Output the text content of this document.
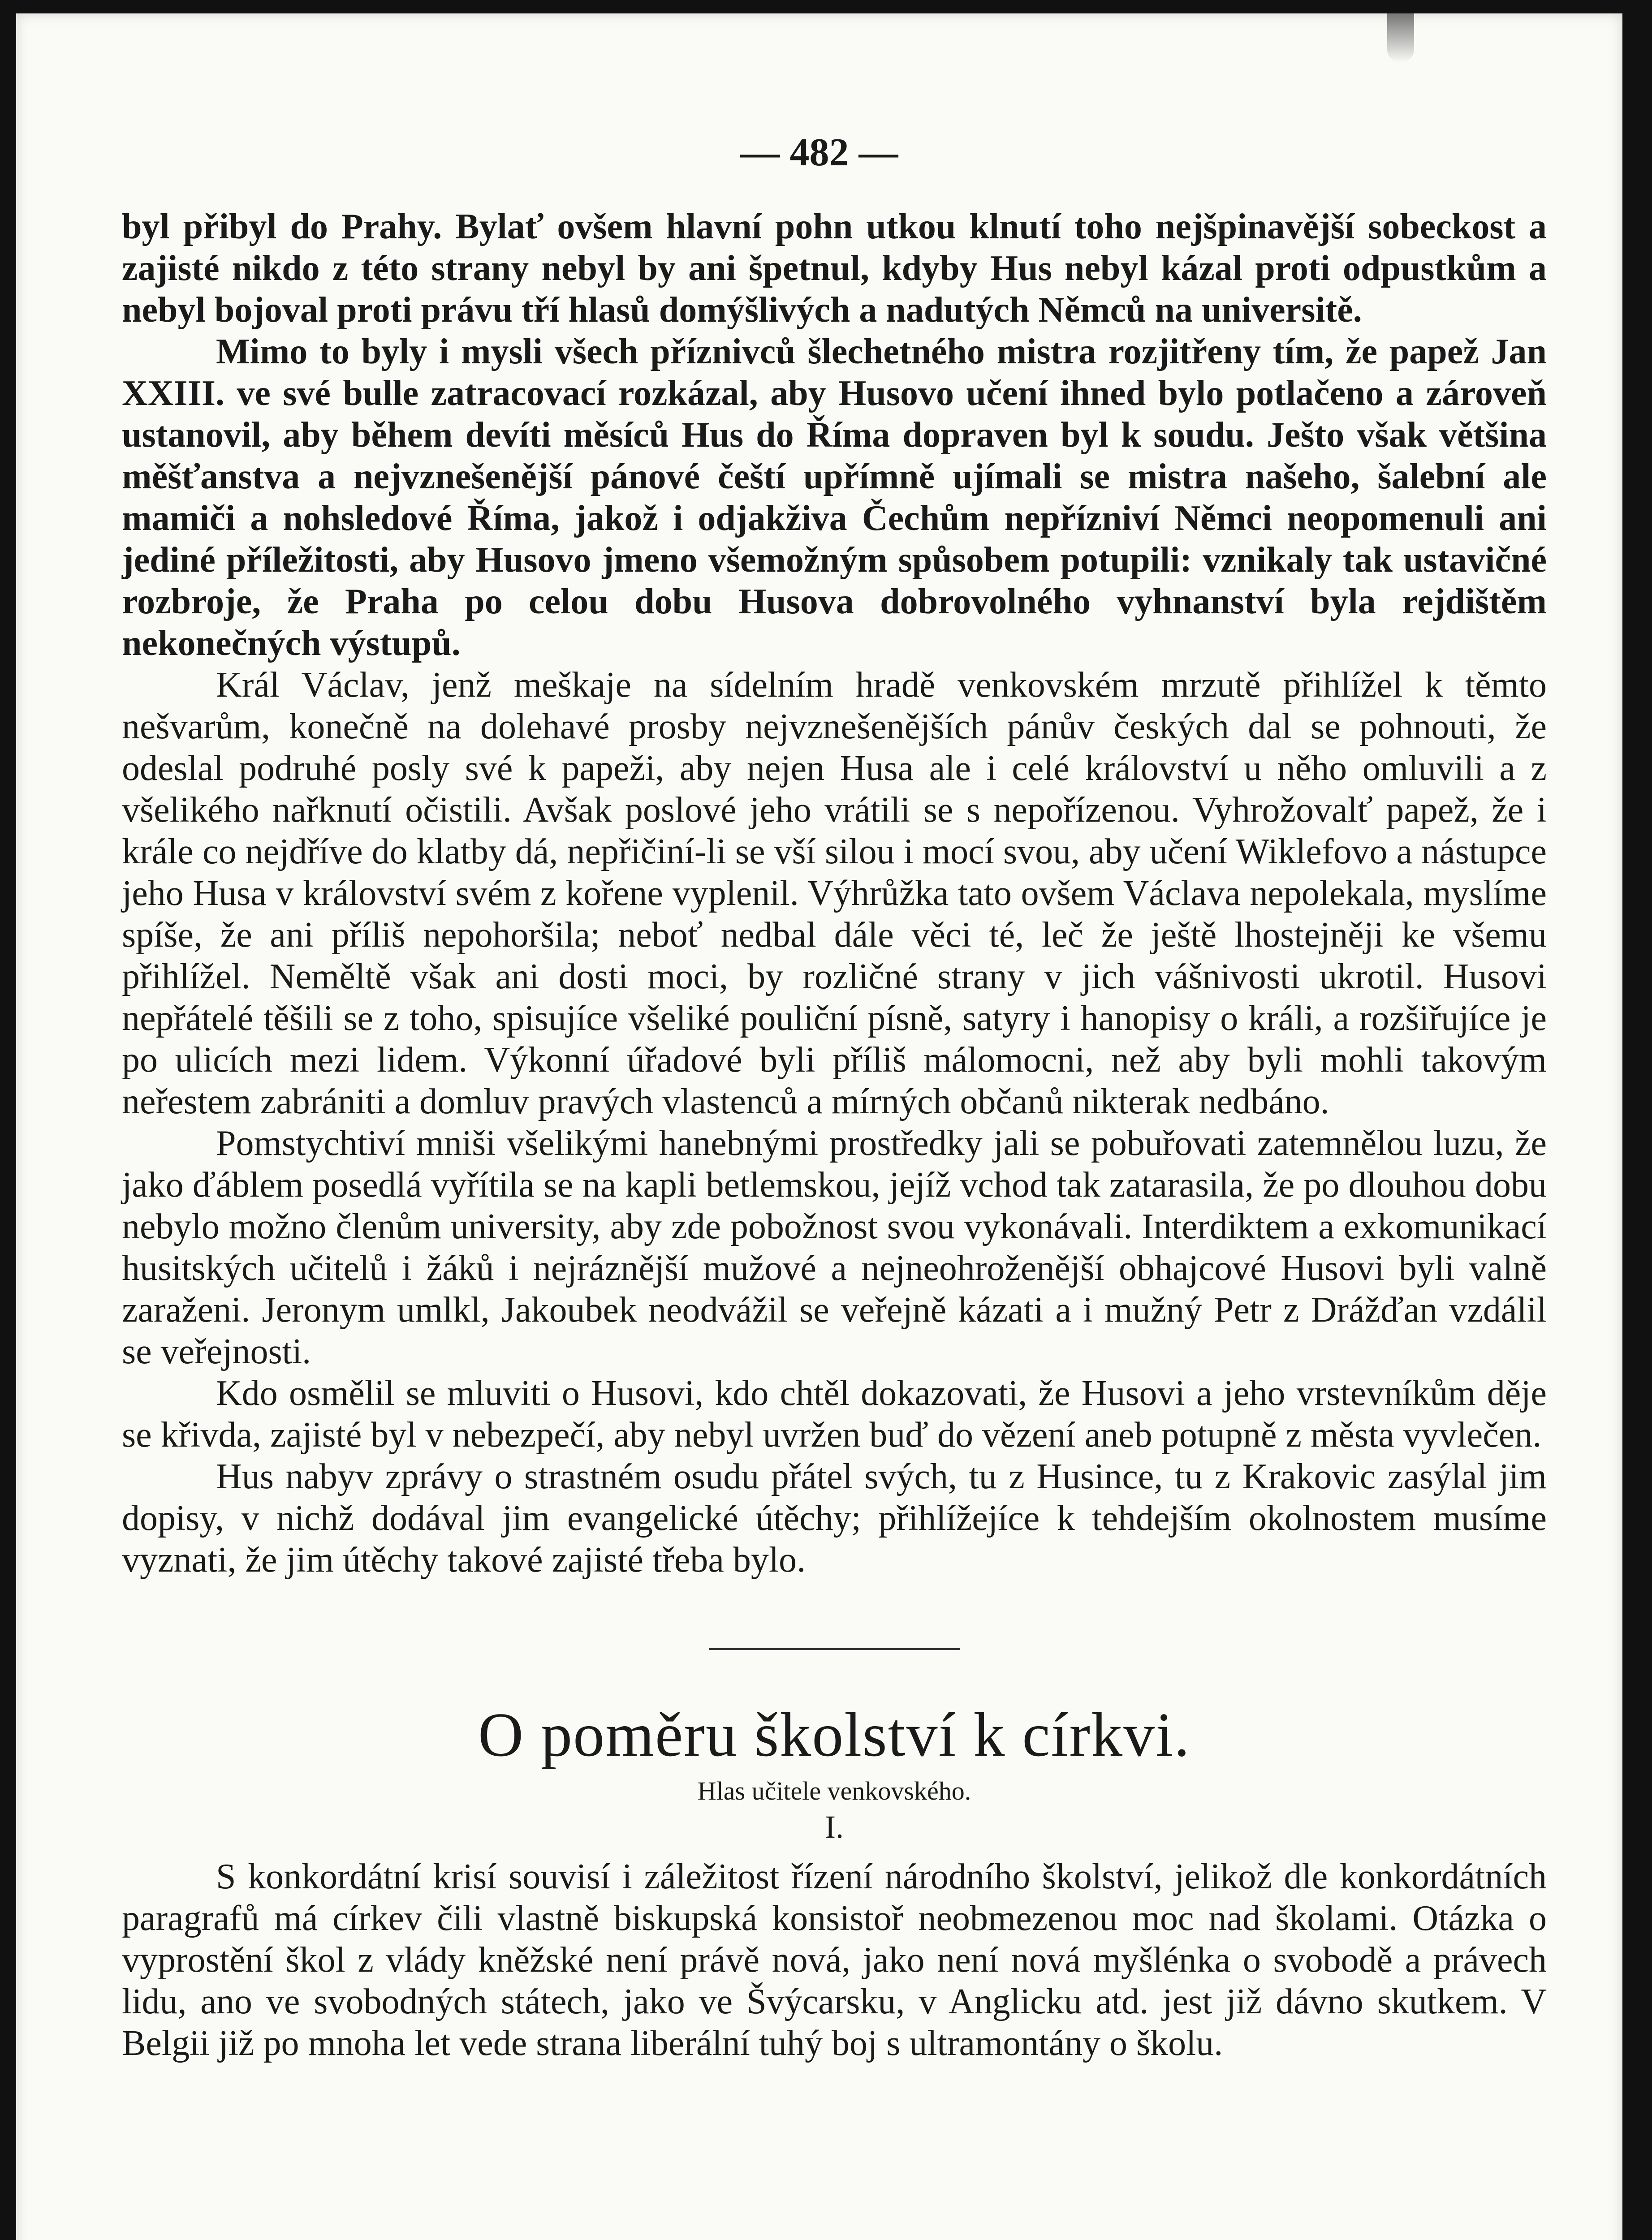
— 482 —

byl přibyl do Prahy. Bylať ovšem hlavní pohn utkou klnutí toho nejšpinavější sobeckost a zajisté nikdo z této strany nebyl by ani špetnul, kdyby Hus nebyl kázal proti odpustkům a nebyl bojoval proti právu tří hlasů domýšlivých a nadutých Němců na universitě.

Mimo to byly i mysli všech příznivců šlechetného mistra rozjitřeny tím, že papež Jan XXIII. ve své bulle zatracovací rozkázal, aby Husovo učení ihned bylo potlačeno a zároveň ustanovil, aby během devíti měsíců Hus do Říma dopraven byl k soudu. Ješto však většina měšťanstva a nejvznešenější pánové čeští upřímně ujímali se mistra našeho, šalební ale mamiči a nohsledové Říma, jakož i odjakživa Čechům nepřízniví Němci neopomenuli ani jediné příležitosti, aby Husovo jmeno všemožným spůsobem potupili: vznikaly tak ustavičné rozbroje, že Praha po celou dobu Husova dobrovolného vyhnanství byla rejdištěm nekonečných výstupů.

Král Václav, jenž meškaje na sídelním hradě venkovském mrzutě přihlížel k těmto nešvarům, konečně na dolehavé prosby nejvznešenějších pánův českých dal se pohnouti, že odeslal podruhé posly své k papeži, aby nejen Husa ale i celé království u něho omluvili a z všelikého nařknutí očistili. Avšak poslové jeho vrátili se s nepořízenou. Vyhrožovalť papež, že i krále co nejdříve do klatby dá, nepřičiní-li se vší silou i mocí svou, aby učení Wiklefovo a nástupce jeho Husa v království svém z kořene vyplenil. Výhrůžka tato ovšem Václava nepolekala, myslíme spíše, že ani příliš nepohoršila; neboť nedbal dále věci té, leč že ještě lhostejněji ke všemu přihlížel. Neměltě však ani dosti moci, by rozličné strany v jich vášnivosti ukrotil. Husovi nepřátelé těšili se z toho, spisujíce všeliké pouliční písně, satyry i hanopisy o králi, a rozšiřujíce je po ulicích mezi lidem. Výkonní úřadové byli příliš málomocni, než aby byli mohli takovým neřestem zabrániti a domluv pravých vlastenců a mírných občanů nikterak nedbáno.

Pomstychtiví mniši všelikými hanebnými prostředky jali se pobuřovati zatemnělou luzu, že jako ďáblem posedlá vyřítila se na kapli betlemskou, jejíž vchod tak zatarasila, že po dlouhou dobu nebylo možno členům university, aby zde pobožnost svou vykonávali. Interdiktem a exkomunikací husitských učitelů i žáků i nejráznější mužové a nejneohroženější obhajcové Husovi byli valně zaraženi. Jeronym umlkl, Jakoubek neodvážil se veřejně kázati a i mužný Petr z Drážďan vzdálil se veřejnosti.

Kdo osmělil se mluviti o Husovi, kdo chtěl dokazovati, že Husovi a jeho vrstevníkům děje se křivda, zajisté byl v nebezpečí, aby nebyl uvržen buď do vězení aneb potupně z města vyvlečen.

Hus nabyv zprávy o strastném osudu přátel svých, tu z Husince, tu z Krakovic zasýlal jim dopisy, v nichž dodával jim evangelické útěchy; přihlížejíce k tehdejším okolnostem musíme vyznati, že jim útěchy takové zajisté třeba bylo.

O poměru školství k církvi.
Hlas učitele venkovského.
I.

S konkordátní krisí souvisí i záležitost řízení národního školství, jelikož dle konkordátních paragrafů má církev čili vlastně biskupská konsistoř neobmezenou moc nad školami. Otázka o vyprostění škol z vlády kněžské není právě nová, jako není nová myšlénka o svobodě a právech lidu, ano ve svobodných státech, jako ve Švýcarsku, v Anglicku atd. jest již dávno skutkem. V Belgii již po mnoha let vede strana liberální tuhý boj s ultramontány o školu.
